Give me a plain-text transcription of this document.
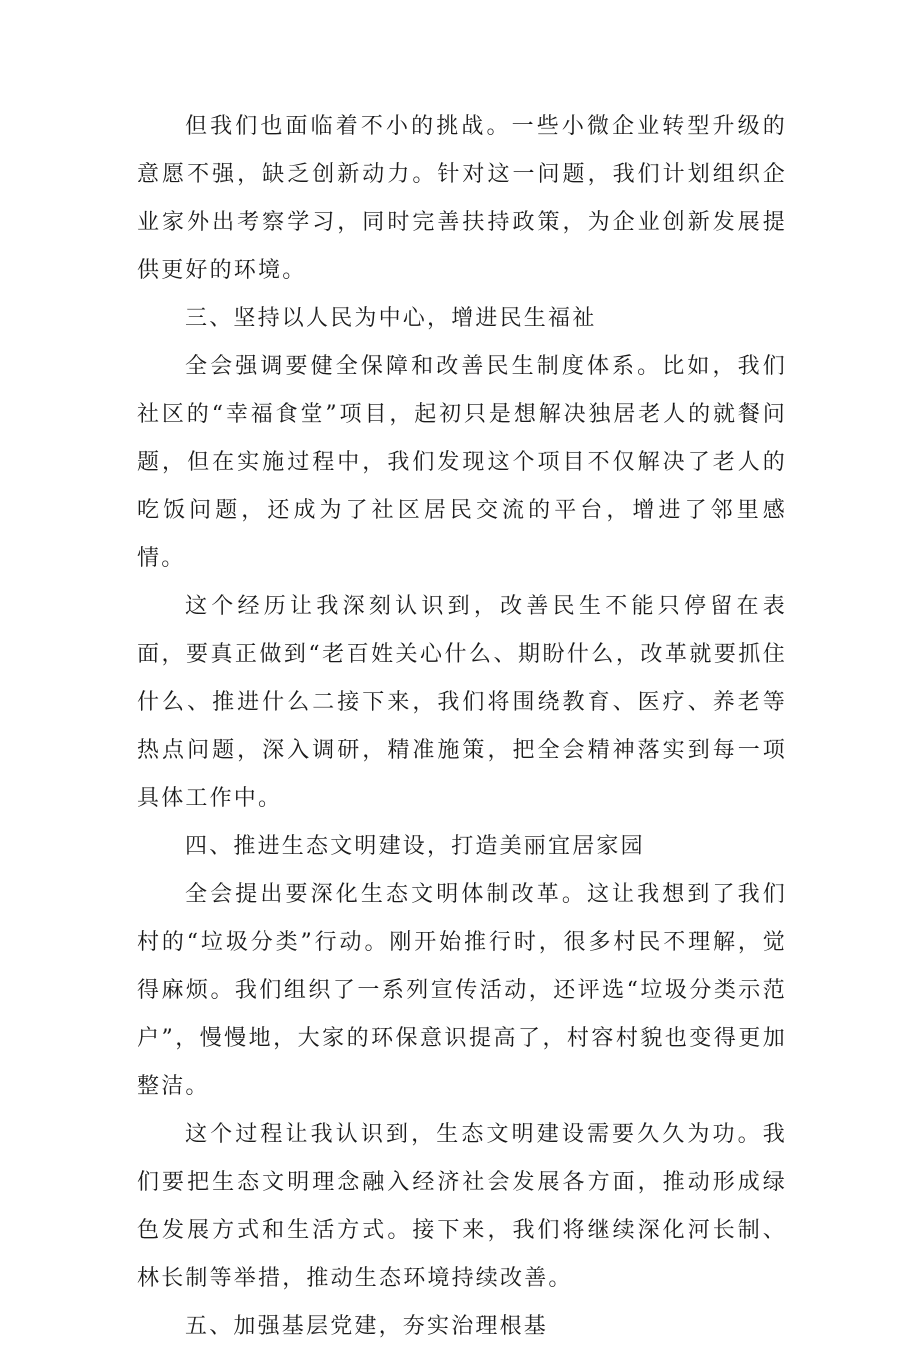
但我们也面临着不小的挑战。一些小微企业转型升级的意愿不强，缺乏创新动力。针对这一问题，我们计划组织企业家外出考察学习，同时完善扶持政策，为企业创新发展提供更好的环境。

三、坚持以人民为中心，增进民生福祉

全会强调要健全保障和改善民生制度体系。比如，我们社区的“幸福食堂”项目，起初只是想解决独居老人的就餐问题，但在实施过程中，我们发现这个项目不仅解决了老人的吃饭问题，还成为了社区居民交流的平台，增进了邻里感情。

这个经历让我深刻认识到，改善民生不能只停留在表面，要真正做到“老百姓关心什么、期盼什么，改革就要抓住什么、推进什么二接下来，我们将围绕教育、医疗、养老等热点问题，深入调研，精准施策，把全会精神落实到每一项具体工作中。

四、推进生态文明建设，打造美丽宜居家园

全会提出要深化生态文明体制改革。这让我想到了我们村的“垃圾分类”行动。刚开始推行时，很多村民不理解，觉得麻烦。我们组织了一系列宣传活动，还评选“垃圾分类示范户”，慢慢地，大家的环保意识提高了，村容村貌也变得更加整洁。

这个过程让我认识到，生态文明建设需要久久为功。我们要把生态文明理念融入经济社会发展各方面，推动形成绿色发展方式和生活方式。接下来，我们将继续深化河长制、林长制等举措，推动生态环境持续改善。

五、加强基层党建，夯实治理根基
